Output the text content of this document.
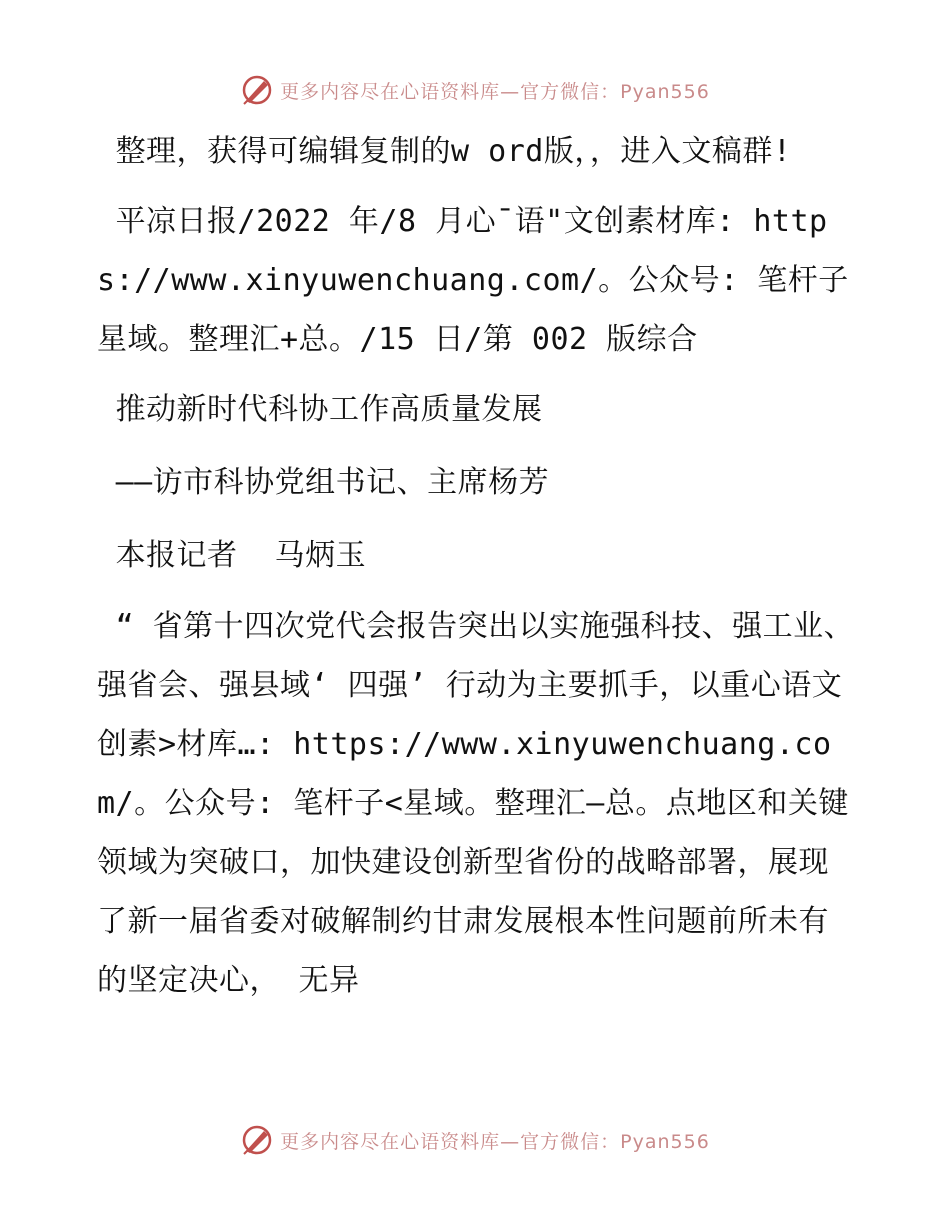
更多内容尽在心语资料库—官方微信：Pyan556

整理，获得可编辑复制的w ord版，，进入文稿群!

平凉日报/2022 年/8 月心¯语"文创素材库: https://www.xinyuwenchuang.com/。公众号: 笔杆子星域。整理汇+总。/15 日/第 002 版综合

推动新时代科协工作高质量发展

——访市科协党组书记、主席杨芳

本报记者  马炳玉

“ 省第十四次党代会报告突出以实施强科技、强工业、强省会、强县域‘ 四强’ 行动为主要抓手，以重心语文创素>材库…: https://www.xinyuwenchuang.com/。公众号: 笔杆子<星域。整理汇—总。点地区和关键领域为突破口，加快建设创新型省份的战略部署，展现了新一届省委对破解制约甘肃发展根本性问题前所未有的坚定决心， 无异

更多内容尽在心语资料库—官方微信：Pyan556
